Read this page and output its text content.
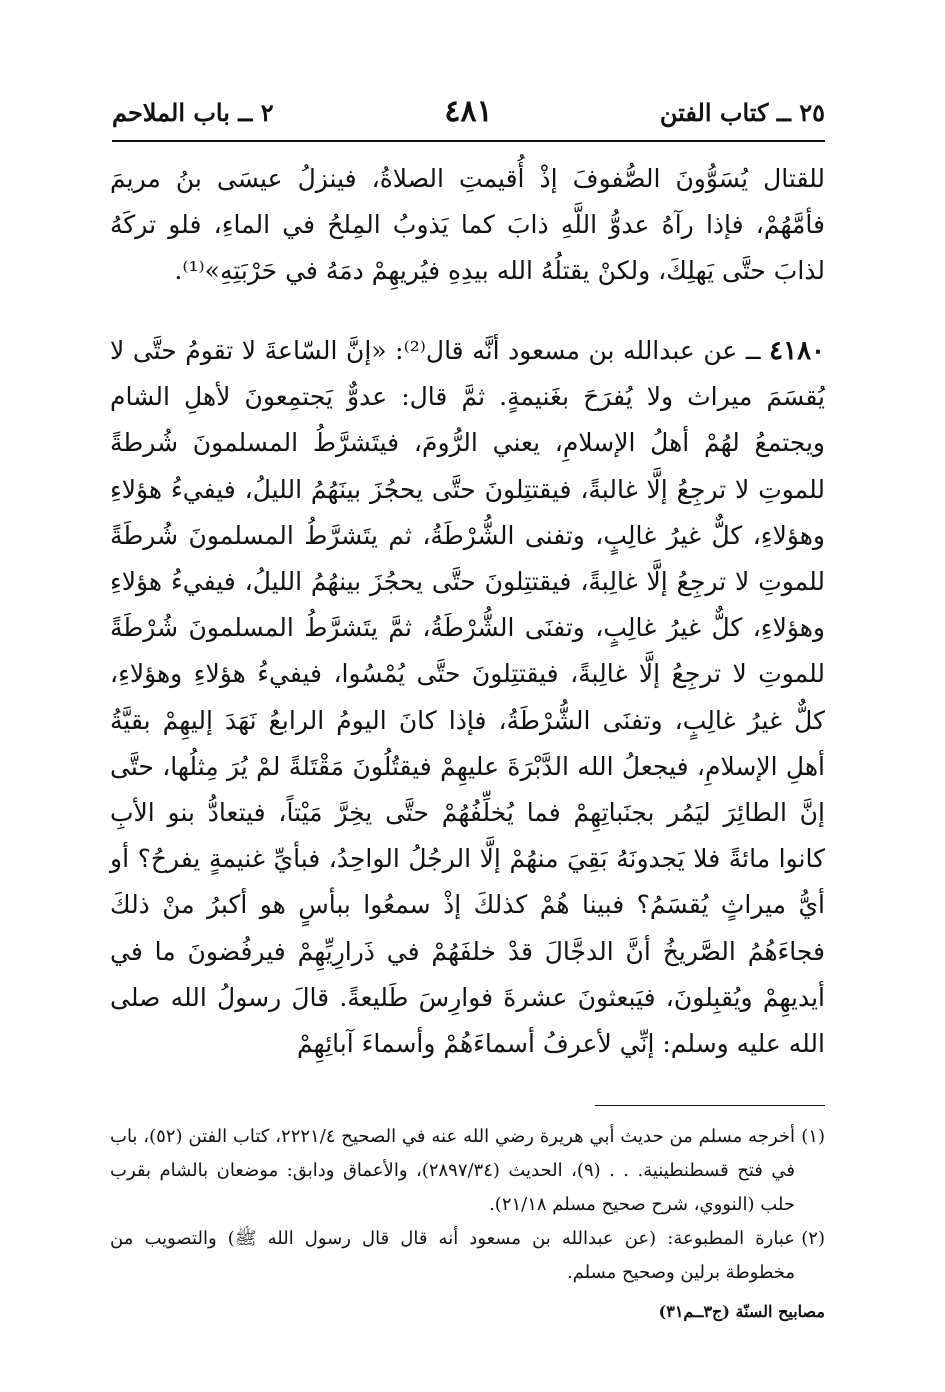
٢٥ ــ كتاب الفتن
٤٨١
٢ ــ باب الملاحم
للقتال يُسَوُّونَ الصُّفوفَ إذْ أُقيمتِ الصلاةُ، فينزلُ عيسَى بنُ مريمَ فأمَّهُمْ، فإذا رآهُ عدوُّ اللَّهِ ذابَ كما يَذوبُ المِلحُ في الماءِ، فلو تركَهُ لذابَ حتَّى يَهلِكَ، ولكنْ يقتلُهُ الله بيدِهِ فيُريهِمْ دمَهُ في حَرْبَتِهِ»⁽¹⁾.
٤١٨٠ ــ عن عبدالله بن مسعود أنَّه قال⁽²⁾: «إنَّ السّاعةَ لا تقومُ حتَّى لا يُقسَمَ ميراث ولا يُفرَحَ بغَنيمةٍ. ثمَّ قال: عدوٌّ يَجتمِعونَ لأهلِ الشام ويجتمعُ لهُمْ أهلُ الإسلامِ، يعني الرُّومَ، فيتَشرَّطُ المسلمونَ شُرطةً للموتِ لا ترجِعُ إلَّا غالبةً، فيقتتِلونَ حتَّى يحجُزَ بينَهُمُ الليلُ، فيفيءُ هؤلاءِ وهؤلاءِ، كلٌّ غيرُ غالِبٍ، وتفنى الشُّرْطَةُ، ثم يتَشرَّطُ المسلمونَ شُرطَةً للموتِ لا ترجِعُ إلَّا غالِبةً، فيقتتِلونَ حتَّى يحجُزَ بينهُمُ الليلُ، فيفيءُ هؤلاءِ وهؤلاءِ، كلٌّ غيرُ غالِبٍ، وتفنَى الشُّرْطَةُ، ثمَّ يتَشرَّطُ المسلمونَ شُرْطَةً للموتِ لا ترجِعُ إلَّا غالِبةً، فيقتتِلونَ حتَّى يُمْسُوا، فيفيءُ هؤلاءِ وهؤلاءِ، كلٌّ غيرُ غالِبٍ، وتفنَى الشُّرْطَةُ، فإذا كانَ اليومُ الرابعُ نَهَدَ إليهِمْ بقيَّةُ أهلِ الإسلامِ، فيجعلُ الله الدَّبْرَةَ عليهِمْ فيقتُلُونَ مَقْتَلةً لمْ يُرَ مِثلُها، حتَّى إنَّ الطائِرَ ليَمُر بجنَباتِهِمْ فما يُخلِّفُهُمْ حتَّى يخِرَّ مَيْتاً، فيتعادُّ بنو الأبِ كانوا مائةً فلا يَجدونَهُ بَقِيَ منهُمْ إلَّا الرجُلُ الواحِدُ، فبأيِّ غنيمةٍ يفرحُ؟ أو أيُّ ميراثٍ يُقسَمُ؟ فبينا هُمْ كذلكَ إذْ سمعُوا ببأسٍ هو أكبرُ منْ ذلكَ فجاءَهُمُ الصَّريخُ أنَّ الدجَّالَ قدْ خلفَهُمْ في ذَرارِيِّهِمْ فيرفُضونَ ما في أيديهِمْ ويُقبِلونَ، فيَبعثونَ عشرةَ فوارِسَ طَليعةً. قالَ رسولُ الله صلى الله عليه وسلم: إنِّي لأعرفُ أسماءَهُمْ وأسماءَ آبائِهِمْ

(١)
أخرجه مسلم من حديث أبي هريرة رضي الله عنه في الصحيح ٢٢٢١/٤، كتاب الفتن (٥٢)، باب في فتح قسطنطينية. . . (٩)، الحديث (٢٨٩٧/٣٤)، والأعماق ودابق: موضعان بالشام بقرب حلب (النووي، شرح صحيح مسلم ٢١/١٨).

(٢)
عبارة المطبوعة: (عن عبدالله بن مسعود أنه قال قال رسول الله ﷺ) والتصويب من مخطوطة برلين وصحيح مسلم.

مصابيح السنّة (ج٣ــم٣١)
